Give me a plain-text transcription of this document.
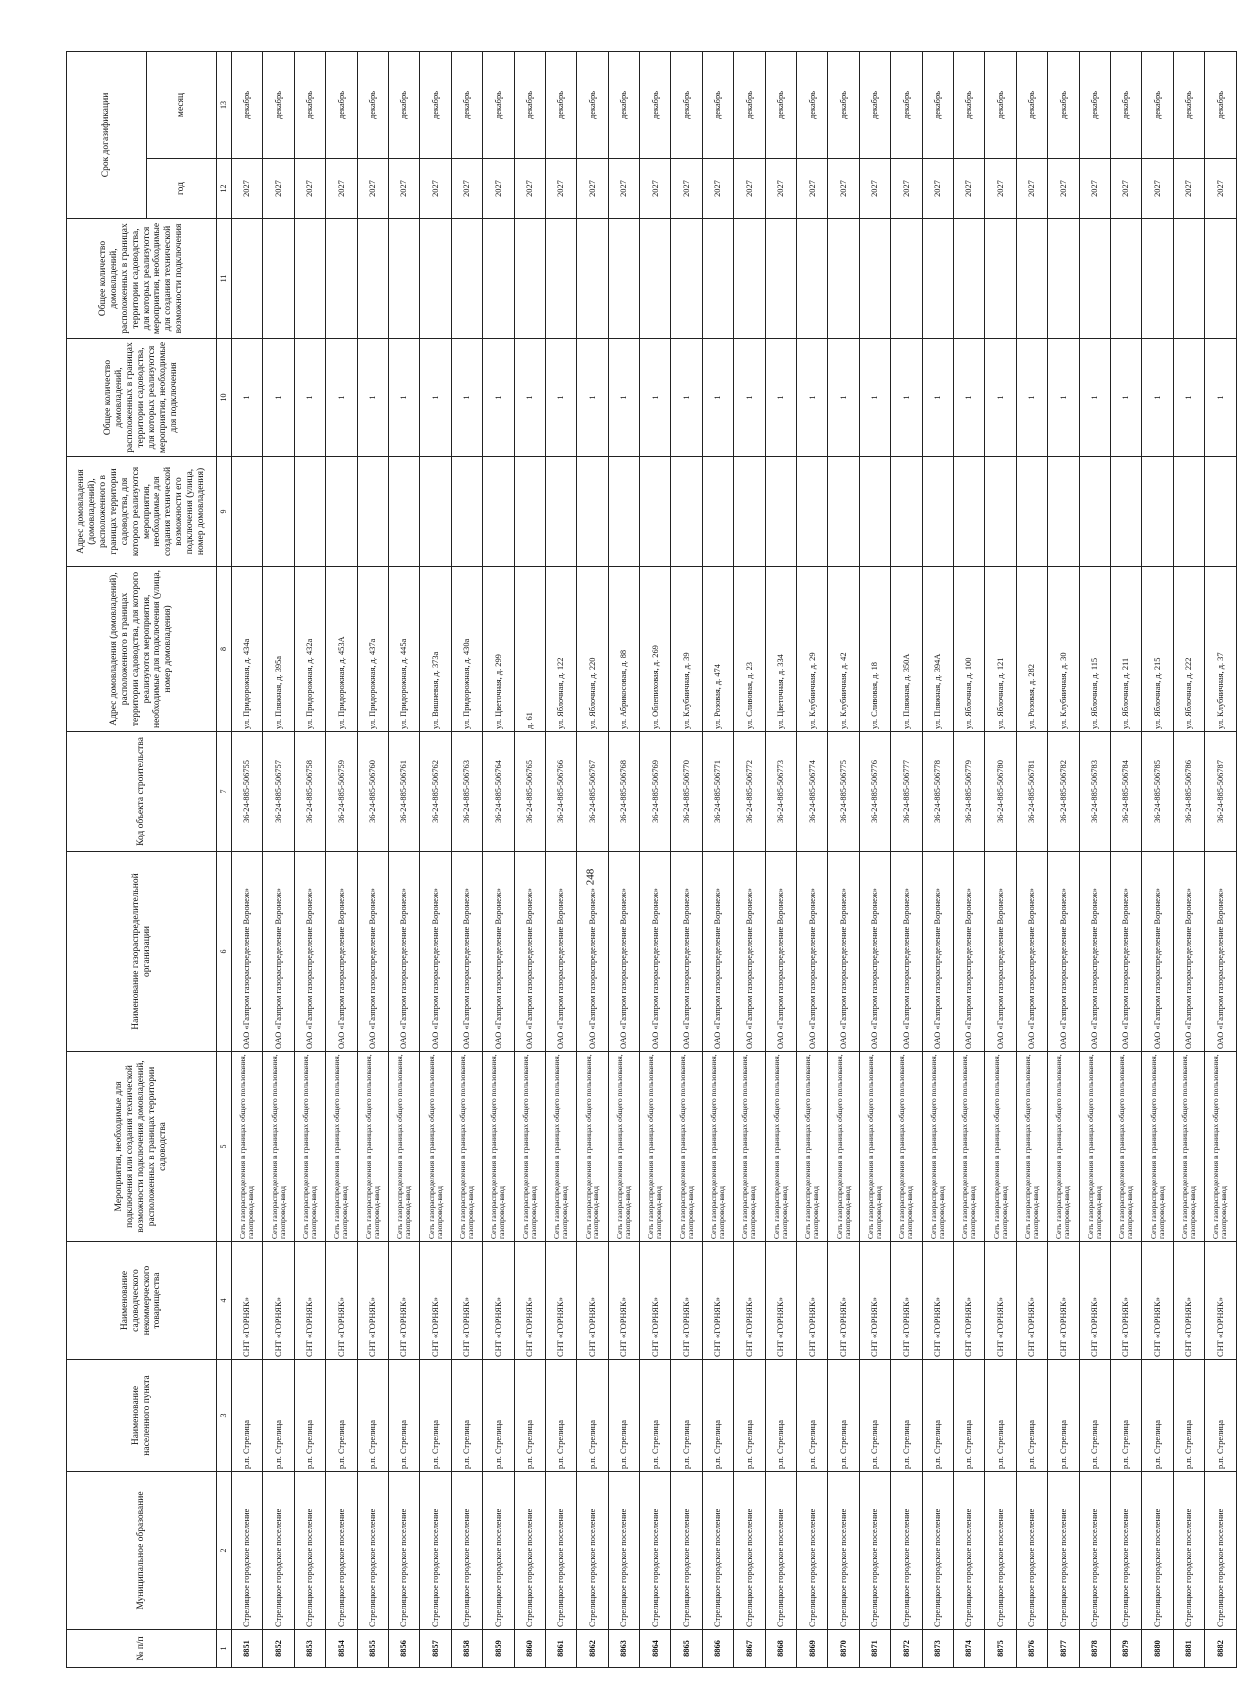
248
№ п/п	Муниципальное образование	Наименование населенного пункта	Наименование садоводческого некоммерческого товарищества	Мероприятия, необходимые для подключения или создания технической возможности подключения домовладений, расположенных в границах территории садоводства	Наименование газораспределительной организации	Код объекта строительства	Адрес домовладения (домовладений), расположенного в границах территории садоводства, для которого реализуются мероприятия, необходимые для подключения (улица, номер домовладения)	Адрес домовладения (домовладений), расположенного в границах территории садоводства, для которого реализуются мероприятия, необходимые для создания технической возможности его подключения (улица, номер домовладения)	Общее количество домовладений, расположенных в границах территории садоводства, для которых реализуются мероприятия, необходимые для подключения	Общее количество домовладений, расположенных в границах территории садоводства, для которых реализуются мероприятия, необходимые для создания технической возможности подключения	Срок догазификации	
											год	месяц
1	2	3	4	5	6	7	8	9	10	11	12	13
8851	Стрелицкое городское поселение	р.п. Стрелица	СНТ «ГОРНЯК»	Сеть газораспределения в границах общего пользования, газопровод-ввод	ОАО «Газпром газораспределение Воронеж»	36-24-885-506755	ул. Придорожная, д. 434а		1		2027	декабрь
8852	Стрелицкое городское поселение	р.п. Стрелица	СНТ «ГОРНЯК»	Сеть газораспределения в границах общего пользования, газопровод-ввод	ОАО «Газпром газораспределение Воронеж»	36-24-885-506757	ул. Пляжная, д. 395а		1		2027	декабрь
8853	Стрелицкое городское поселение	р.п. Стрелица	СНТ «ГОРНЯК»	Сеть газораспределения в границах общего пользования, газопровод-ввод	ОАО «Газпром газораспределение Воронеж»	36-24-885-506758	ул. Придорожная, д. 432а		1		2027	декабрь
8854	Стрелицкое городское поселение	р.п. Стрелица	СНТ «ГОРНЯК»	Сеть газораспределения в границах общего пользования, газопровод-ввод	ОАО «Газпром газораспределение Воронеж»	36-24-885-506759	ул. Придорожная, д. 453А		1		2027	декабрь
8855	Стрелицкое городское поселение	р.п. Стрелица	СНТ «ГОРНЯК»	Сеть газораспределения в границах общего пользования, газопровод-ввод	ОАО «Газпром газораспределение Воронеж»	36-24-885-506760	ул. Придорожная, д. 437а		1		2027	декабрь
8856	Стрелицкое городское поселение	р.п. Стрелица	СНТ «ГОРНЯК»	Сеть газораспределения в границах общего пользования, газопровод-ввод	ОАО «Газпром газораспределение Воронеж»	36-24-885-506761	ул. Придорожная, д. 445а		1		2027	декабрь
8857	Стрелицкое городское поселение	р.п. Стрелица	СНТ «ГОРНЯК»	Сеть газораспределения в границах общего пользования, газопровод-ввод	ОАО «Газпром газораспределение Воронеж»	36-24-885-506762	ул. Вишневая, д. 373а		1		2027	декабрь
8858	Стрелицкое городское поселение	р.п. Стрелица	СНТ «ГОРНЯК»	Сеть газораспределения в границах общего пользования, газопровод-ввод	ОАО «Газпром газораспределение Воронеж»	36-24-885-506763	ул. Придорожная, д. 430а		1		2027	декабрь
8859	Стрелицкое городское поселение	р.п. Стрелица	СНТ «ГОРНЯК»	Сеть газораспределения в границах общего пользования, газопровод-ввод	ОАО «Газпром газораспределение Воронеж»	36-24-885-506764	ул. Цветочная, д. 299		1		2027	декабрь
8860	Стрелицкое городское поселение	р.п. Стрелица	СНТ «ГОРНЯК»	Сеть газораспределения в границах общего пользования, газопровод-ввод	ОАО «Газпром газораспределение Воронеж»	36-24-885-506765	д. 61		1		2027	декабрь
8861	Стрелицкое городское поселение	р.п. Стрелица	СНТ «ГОРНЯК»	Сеть газораспределения в границах общего пользования, газопровод-ввод	ОАО «Газпром газораспределение Воронеж»	36-24-885-506766	ул. Яблочная, д. 122		1		2027	декабрь
8862	Стрелицкое городское поселение	р.п. Стрелица	СНТ «ГОРНЯК»	Сеть газораспределения в границах общего пользования, газопровод-ввод	ОАО «Газпром газораспределение Воронеж»	36-24-885-506767	ул. Яблочная, д. 220		1		2027	декабрь
8863	Стрелицкое городское поселение	р.п. Стрелица	СНТ «ГОРНЯК»	Сеть газораспределения в границах общего пользования, газопровод-ввод	ОАО «Газпром газораспределение Воронеж»	36-24-885-506768	ул. Абрикосовая, д. 88		1		2027	декабрь
8864	Стрелицкое городское поселение	р.п. Стрелица	СНТ «ГОРНЯК»	Сеть газораспределения в границах общего пользования, газопровод-ввод	ОАО «Газпром газораспределение Воронеж»	36-24-885-506769	ул. Облепиховая, д. 269		1		2027	декабрь
8865	Стрелицкое городское поселение	р.п. Стрелица	СНТ «ГОРНЯК»	Сеть газораспределения в границах общего пользования, газопровод-ввод	ОАО «Газпром газораспределение Воронеж»	36-24-885-506770	ул. Клубничная, д. 39		1		2027	декабрь
8866	Стрелицкое городское поселение	р.п. Стрелица	СНТ «ГОРНЯК»	Сеть газораспределения в границах общего пользования, газопровод-ввод	ОАО «Газпром газораспределение Воронеж»	36-24-885-506771	ул. Розовая, д. 474		1		2027	декабрь
8867	Стрелицкое городское поселение	р.п. Стрелица	СНТ «ГОРНЯК»	Сеть газораспределения в границах общего пользования, газопровод-ввод	ОАО «Газпром газораспределение Воронеж»	36-24-885-506772	ул. Сливовая, д. 23		1		2027	декабрь
8868	Стрелицкое городское поселение	р.п. Стрелица	СНТ «ГОРНЯК»	Сеть газораспределения в границах общего пользования, газопровод-ввод	ОАО «Газпром газораспределение Воронеж»	36-24-885-506773	ул. Цветочная, д. 334		1		2027	декабрь
8869	Стрелицкое городское поселение	р.п. Стрелица	СНТ «ГОРНЯК»	Сеть газораспределения в границах общего пользования, газопровод-ввод	ОАО «Газпром газораспределение Воронеж»	36-24-885-506774	ул. Клубничная, д. 29		1		2027	декабрь
8870	Стрелицкое городское поселение	р.п. Стрелица	СНТ «ГОРНЯК»	Сеть газораспределения в границах общего пользования, газопровод-ввод	ОАО «Газпром газораспределение Воронеж»	36-24-885-506775	ул. Клубничная, д. 42		1		2027	декабрь
8871	Стрелицкое городское поселение	р.п. Стрелица	СНТ «ГОРНЯК»	Сеть газораспределения в границах общего пользования, газопровод-ввод	ОАО «Газпром газораспределение Воронеж»	36-24-885-506776	ул. Сливовая, д. 18		1		2027	декабрь
8872	Стрелицкое городское поселение	р.п. Стрелица	СНТ «ГОРНЯК»	Сеть газораспределения в границах общего пользования, газопровод-ввод	ОАО «Газпром газораспределение Воронеж»	36-24-885-506777	ул. Пляжная, д. 350А		1		2027	декабрь
8873	Стрелицкое городское поселение	р.п. Стрелица	СНТ «ГОРНЯК»	Сеть газораспределения в границах общего пользования, газопровод-ввод	ОАО «Газпром газораспределение Воронеж»	36-24-885-506778	ул. Пляжная, д. 394А		1		2027	декабрь
8874	Стрелицкое городское поселение	р.п. Стрелица	СНТ «ГОРНЯК»	Сеть газораспределения в границах общего пользования, газопровод-ввод	ОАО «Газпром газораспределение Воронеж»	36-24-885-506779	ул. Яблочная, д. 100		1		2027	декабрь
8875	Стрелицкое городское поселение	р.п. Стрелица	СНТ «ГОРНЯК»	Сеть газораспределения в границах общего пользования, газопровод-ввод	ОАО «Газпром газораспределение Воронеж»	36-24-885-506780	ул. Яблочная, д. 121		1		2027	декабрь
8876	Стрелицкое городское поселение	р.п. Стрелица	СНТ «ГОРНЯК»	Сеть газораспределения в границах общего пользования, газопровод-ввод	ОАО «Газпром газораспределение Воронеж»	36-24-885-506781	ул. Розовая, д. 282		1		2027	декабрь
8877	Стрелицкое городское поселение	р.п. Стрелица	СНТ «ГОРНЯК»	Сеть газораспределения в границах общего пользования, газопровод-ввод	ОАО «Газпром газораспределение Воронеж»	36-24-885-506782	ул. Клубничная, д. 30		1		2027	декабрь
8878	Стрелицкое городское поселение	р.п. Стрелица	СНТ «ГОРНЯК»	Сеть газораспределения в границах общего пользования, газопровод-ввод	ОАО «Газпром газораспределение Воронеж»	36-24-885-506783	ул. Яблочная, д. 115		1		2027	декабрь
8879	Стрелицкое городское поселение	р.п. Стрелица	СНТ «ГОРНЯК»	Сеть газораспределения в границах общего пользования, газопровод-ввод	ОАО «Газпром газораспределение Воронеж»	36-24-885-506784	ул. Яблочная, д. 211		1		2027	декабрь
8880	Стрелицкое городское поселение	р.п. Стрелица	СНТ «ГОРНЯК»	Сеть газораспределения в границах общего пользования, газопровод-ввод	ОАО «Газпром газораспределение Воронеж»	36-24-885-506785	ул. Яблочная, д. 215		1		2027	декабрь
8881	Стрелицкое городское поселение	р.п. Стрелица	СНТ «ГОРНЯК»	Сеть газораспределения в границах общего пользования, газопровод-ввод	ОАО «Газпром газораспределение Воронеж»	36-24-885-506786	ул. Яблочная, д. 222		1		2027	декабрь
8882	Стрелицкое городское поселение	р.п. Стрелица	СНТ «ГОРНЯК»	Сеть газораспределения в границах общего пользования, газопровод-ввод	ОАО «Газпром газораспределение Воронеж»	36-24-885-506787	ул. Клубничная, д. 37		1		2027	декабрь
